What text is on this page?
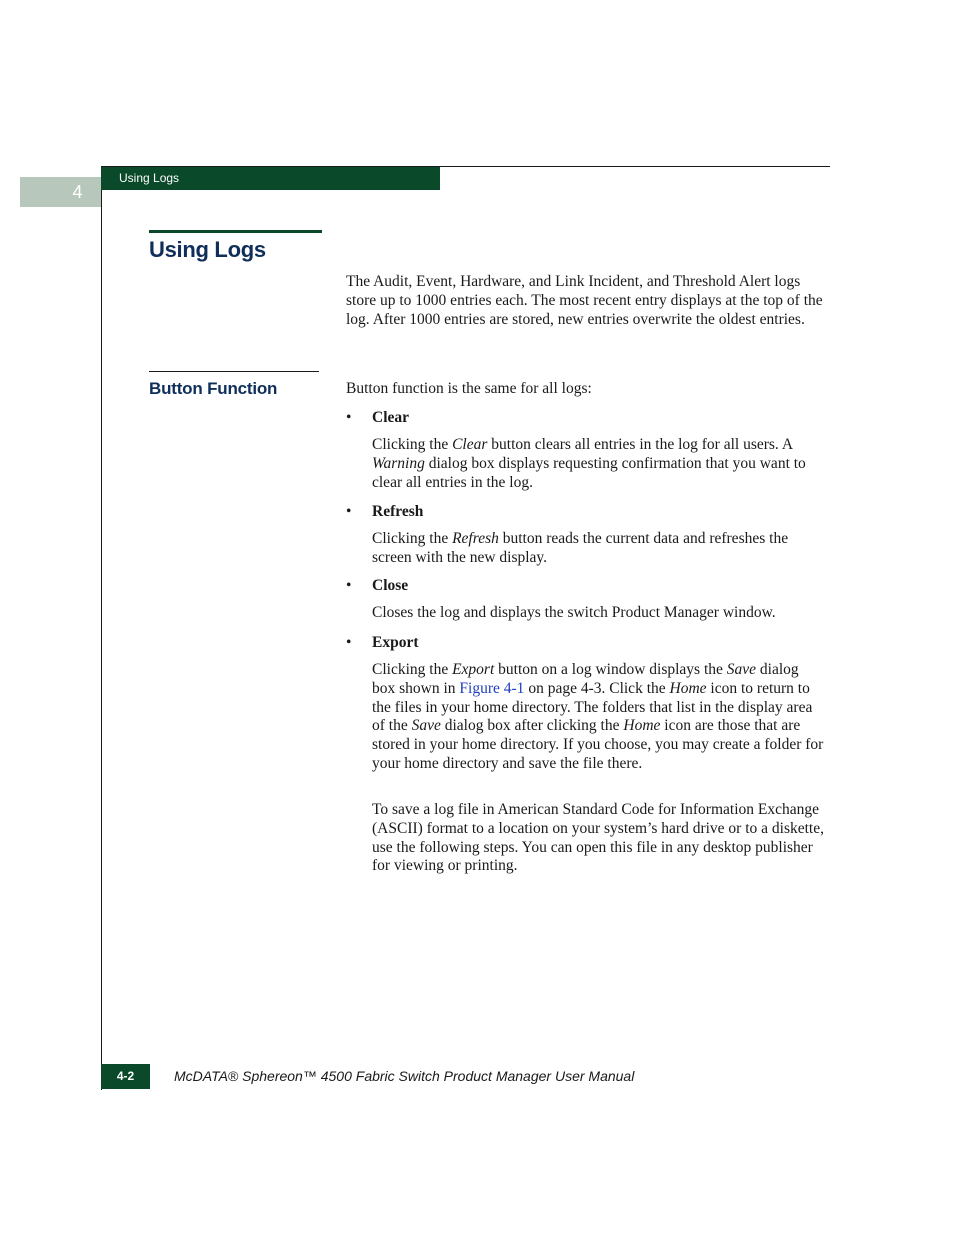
4
Using Logs
Using Logs

The Audit, Event, Hardware, and Link Incident, and Threshold Alert logs store up to 1000 entries each. The most recent entry displays at the top of the log. After 1000 entries are stored, new entries overwrite the oldest entries.

Button Function	Button function is the same for all logs:

• Clear

Clicking the Clear button clears all entries in the log for all users. A Warning dialog box displays requesting confirmation that you want to clear all entries in the log.

• Refresh

Clicking the Refresh button reads the current data and refreshes the screen with the new display.

• Close

Closes the log and displays the switch Product Manager window.

• Export

Clicking the Export button on a log window displays the Save dialog box shown in Figure 4-1 on page 4-3. Click the Home icon to return to the files in your home directory. The folders that list in the display area of the Save dialog box after clicking the Home icon are those that are stored in your home directory. If you choose, you may create a folder for your home directory and save the file there.

To save a log file in American Standard Code for Information Exchange (ASCII) format to a location on your system’s hard drive or to a diskette, use the following steps. You can open this file in any desktop publisher for viewing or printing.

4-2	McDATA® Sphereon™ 4500 Fabric Switch Product Manager User Manual
